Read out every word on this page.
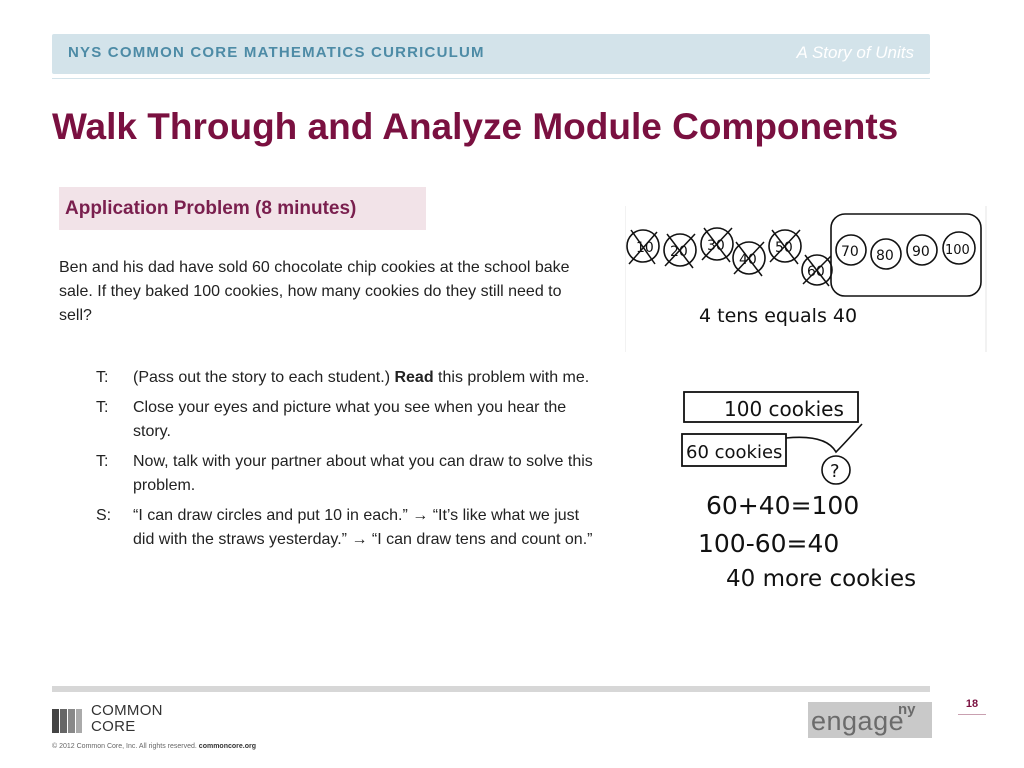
NYS COMMON CORE MATHEMATICS CURRICULUM	A Story of Units
Walk Through and Analyze Module Components
Application Problem (8 minutes)
Ben and his dad have sold 60 chocolate chip cookies at the school bake sale. If they baked 100 cookies, how many cookies do they still need to sell?
T:	(Pass out the story to each student.) Read this problem with me.
T:	Close your eyes and picture what you see when you hear the story.
T:	Now, talk with your partner about what you can draw to solve this problem.
S:	“I can draw circles and put 10 in each.” → “It’s like what we just did with the straws yesterday.” → “I can draw tens and count on.”
10 20 30
40
50
60
70 80 90 100
4 tens equals 40
100 cookies
60 cookies
?
60+40=100
100-60=40
40 more cookies
COMMON
CORE
© 2012 Common Core, Inc. All rights reserved. commoncore.org
engage
ny	18
